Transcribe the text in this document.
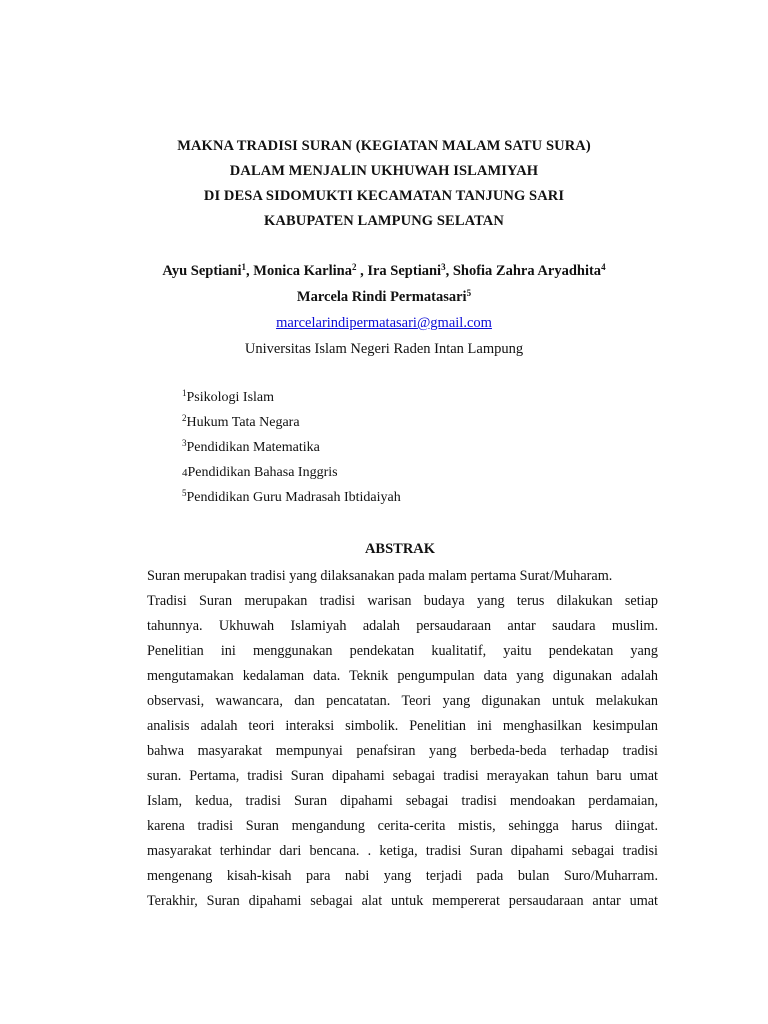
MAKNA TRADISI SURAN (KEGIATAN MALAM SATU SURA)
DALAM MENJALIN UKHUWAH ISLAMIYAH
DI DESA SIDOMUKTI KECAMATAN TANJUNG SARI
KABUPATEN LAMPUNG SELATAN
Ayu Septiani$^1$, Monica Karlina$^2$ , Ira Septiani$^3$, Shofia Zahra Aryadhita$^4$
Marcela Rindi Permatasari$^5$
marcelarindipermatasari@gmail.com
Universitas Islam Negeri Raden Intan Lampung
$^1$Psikologi Islam
$^2$Hukum Tata Negara
$^3$Pendidikan Matematika
4Pendidikan Bahasa Inggris
$^5$Pendidikan Guru Madrasah Ibtidaiyah
ABSTRAK
Suran merupakan tradisi yang dilaksanakan pada malam pertama Surat/Muharam.
Tradisi Suran merupakan tradisi warisan budaya yang terus dilakukan setiap
tahunnya. Ukhuwah Islamiyah adalah persaudaraan antar saudara muslim.
Penelitian ini menggunakan pendekatan kualitatif, yaitu pendekatan yang
mengutamakan kedalaman data. Teknik pengumpulan data yang digunakan adalah
observasi, wawancara, dan pencatatan. Teori yang digunakan untuk melakukan
analisis adalah teori interaksi simbolik. Penelitian ini menghasilkan kesimpulan
bahwa masyarakat mempunyai penafsiran yang berbeda-beda terhadap tradisi
suran. Pertama, tradisi Suran dipahami sebagai tradisi merayakan tahun baru umat
Islam, kedua, tradisi Suran dipahami sebagai tradisi mendoakan perdamaian,
karena tradisi Suran mengandung cerita-cerita mistis, sehingga harus diingat.
masyarakat terhindar dari bencana. . ketiga, tradisi Suran dipahami sebagai tradisi
mengenang kisah-kisah para nabi yang terjadi pada bulan Suro/Muharram.
Terakhir, Suran dipahami sebagai alat untuk mempererat persaudaraan antar umat
